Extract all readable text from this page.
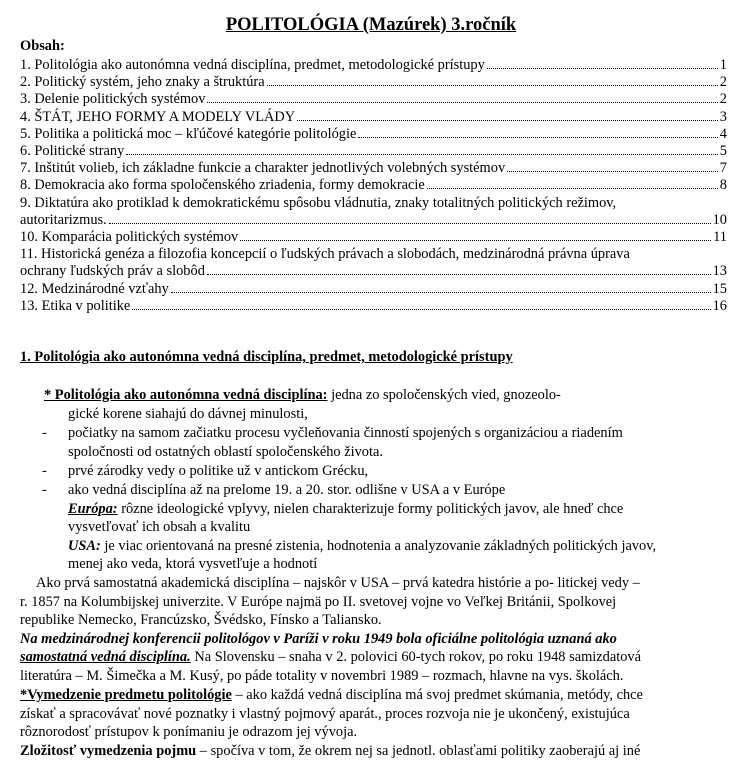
POLITOLÓGIA (Mazúrek) 3.ročník
Obsah:
1. Politológia ako autonómna vedná disciplína, predmet, metodologické prístupy	1
2. Politický systém, jeho znaky a štruktúra	2
3. Delenie politických systémov	2
4. ŠTÁT, JEHO FORMY A MODELY VLÁDY	3
5. Politika a politická moc – kľúčové kategórie politológie	4
6. Politické strany	5
7. Inštitút volieb, ich základne funkcie a charakter jednotlivých volebných systémov	7
8. Demokracia ako forma spoločenského zriadenia, formy demokracie	8
9. Diktatúra ako protiklad k demokratickému spôsobu vládnutia, znaky totalitných politických režimov,
autoritarizmus.	10
10. Komparácia politických systémov	11
11. Historická genéza a filozofia koncepcií o ľudských právach a slobodách, medzinárodná právna úprava
ochrany ľudských práv a slobôd	13
12. Medzinárodné vzťahy	15
13. Etika v politike	16
1. Politológia ako autonómna vedná disciplína, predmet, metodologické prístupy
* Politológia ako autonómna vedná disciplína: jedna zo spoločenských vied, gnozeolo-
gické korene siahajú do dávnej minulosti,
- počiatky na samom začiatku procesu vyčleňovania činností spojených s organizáciou a riadením
spoločnosti od ostatných oblastí spoločenského života.
- prvé zárodky vedy o politike už v antickom Grécku,
- ako vedná disciplína až na prelome 19. a 20. stor. odlišne v USA a v Európe
Európa: rôzne ideologické vplyvy, nielen charakterizuje formy politických javov, ale hneď chce
vysvetľovať ich obsah a kvalitu
USA: je viac orientovaná na presné zistenia, hodnotenia a analyzovanie základných politických javov,
menej ako veda, ktorá vysvetľuje a hodnotí
Ako prvá samostatná akademická disciplína – najskôr v USA – prvá katedra histórie a po- litickej vedy –
r. 1857 na Kolumbijskej univerzite. V Európe najmä po II. svetovej vojne vo Veľkej Británii, Spolkovej
republike Nemecko, Francúzsko, Švédsko, Fínsko a Taliansko.
Na medzinárodnej konferencii politológov v Paríži v roku 1949 bola oficiálne politológia uznaná ako
samostatná vedná disciplína. Na Slovensku – snaha v 2. polovici 60-tych rokov, po roku 1948 samizdatová
literatúra – M. Šimečka a M. Kusý, po páde totality v novembri 1989 – rozmach, hlavne na vys. školách.
*Vymedzenie predmetu politológie – ako každá vedná disciplína má svoj predmet skúmania, metódy, chce
získať a spracovávať nové poznatky i vlastný pojmový aparát., proces rozvoja nie je ukončený, existujúca
rôznorodosť prístupov k ponímaniu je odrazom jej vývoja.
Zložitosť vymedzenia pojmu – spočíva v tom, že okrem nej sa jednotl. oblasťami politiky zaoberajú aj iné
